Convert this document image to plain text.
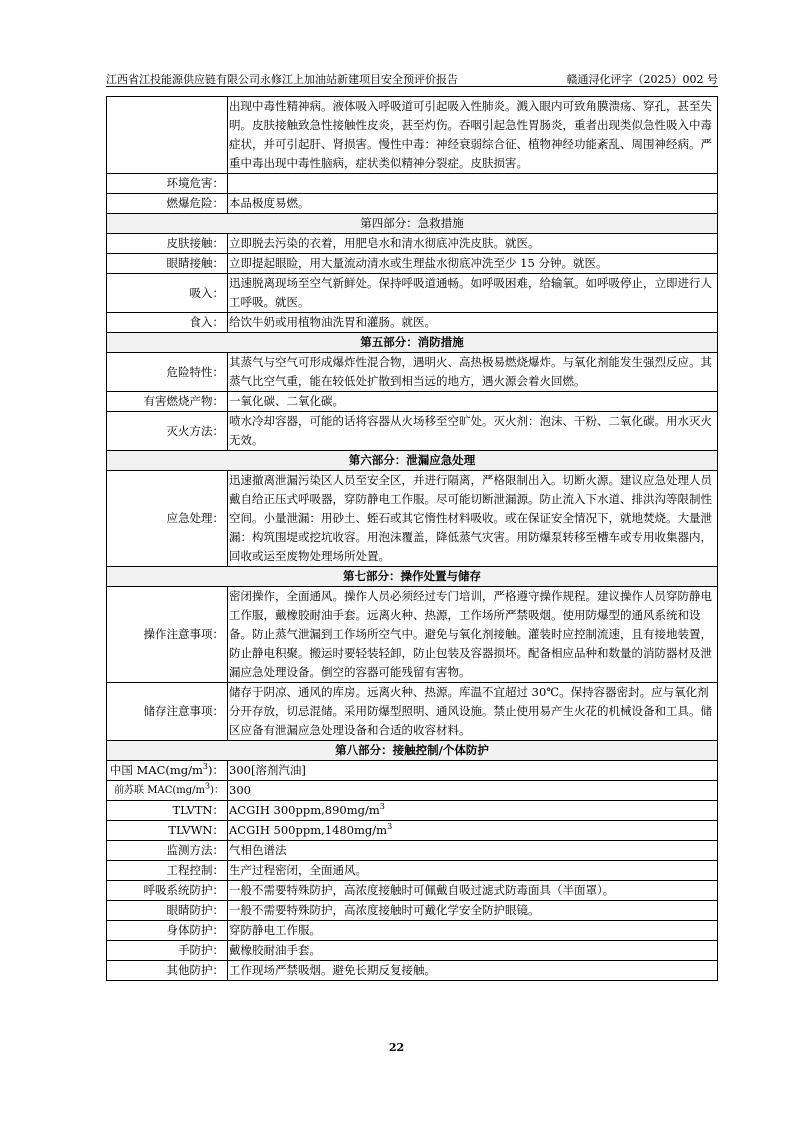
江西省江投能源供应链有限公司永修江上加油站新建项目安全预评价报告	赣通浔化评字（2025）002 号
	出现中毒性精神病。液体吸入呼吸道可引起吸入性肺炎。溅入眼内可致角膜溃疡、穿孔，甚至失明。皮肤接触致急性接触性皮炎，甚至灼伤。吞咽引起急性胃肠炎，重者出现类似急性吸入中毒症状，并可引起肝、肾损害。慢性中毒：神经衰弱综合征、植物神经功能紊乱、周围神经病。严重中毒出现中毒性脑病，症状类似精神分裂症。皮肤损害。
环境危害：	
燃爆危险：	本品极度易燃。
第四部分：急救措施	
皮肤接触：	立即脱去污染的衣着，用肥皂水和清水彻底冲洗皮肤。就医。
眼睛接触：	立即提起眼睑，用大量流动清水或生理盐水彻底冲洗至少 15 分钟。就医。
吸入：	迅速脱离现场至空气新鲜处。保持呼吸道通畅。如呼吸困难，给输氧。如呼吸停止，立即进行人工呼吸。就医。
食入：	给饮牛奶或用植物油洗胃和灌肠。就医。
第五部分：消防措施	
危险特性：	其蒸气与空气可形成爆炸性混合物，遇明火、高热极易燃烧爆炸。与氧化剂能发生强烈反应。其蒸气比空气重，能在较低处扩散到相当远的地方，遇火源会着火回燃。
有害燃烧产物：	一氧化碳、二氧化碳。
灭火方法：	喷水冷却容器，可能的话将容器从火场移至空旷处。灭火剂：泡沫、干粉、二氧化碳。用水灭火无效。
第六部分：泄漏应急处理	
应急处理：	迅速撤离泄漏污染区人员至安全区，并进行隔离，严格限制出入。切断火源。建议应急处理人员戴自给正压式呼吸器，穿防静电工作服。尽可能切断泄漏源。防止流入下水道、排洪沟等限制性空间。小量泄漏：用砂土、蛭石或其它惰性材料吸收。或在保证安全情况下，就地焚烧。大量泄漏：构筑围堤或挖坑收容。用泡沫覆盖，降低蒸气灾害。用防爆泵转移至槽车或专用收集器内，回收或运至废物处理场所处置。
第七部分：操作处置与储存	
操作注意事项：	密闭操作，全面通风。操作人员必须经过专门培训，严格遵守操作规程。建议操作人员穿防静电工作服，戴橡胶耐油手套。远离火种、热源，工作场所严禁吸烟。使用防爆型的通风系统和设备。防止蒸气泄漏到工作场所空气中。避免与氧化剂接触。灌装时应控制流速，且有接地装置，防止静电积聚。搬运时要轻装轻卸，防止包装及容器损坏。配备相应品种和数量的消防器材及泄漏应急处理设备。倒空的容器可能残留有害物。
储存注意事项：	储存于阴凉、通风的库房。远离火种、热源。库温不宜超过 30℃。保持容器密封。应与氧化剂分开存放，切忌混储。采用防爆型照明、通风设施。禁止使用易产生火花的机械设备和工具。储区应备有泄漏应急处理设备和合适的收容材料。
第八部分：接触控制/个体防护	
中国 $MAC(mg/m^3)$：	300[溶剂汽油]
前苏联 $MAC(mg/m^3)$：	300
TLVTN：	ACGIH $300ppm,890mg/m^3$
TLVWN：	ACGIH $500ppm,1480mg/m^3$
监测方法：	气相色谱法
工程控制：	生产过程密闭，全面通风。
呼吸系统防护：	一般不需要特殊防护，高浓度接触时可佩戴自吸过滤式防毒面具（半面罩）。
眼睛防护：	一般不需要特殊防护，高浓度接触时可戴化学安全防护眼镜。
身体防护：	穿防静电工作服。
手防护：	戴橡胶耐油手套。
其他防护：	工作现场严禁吸烟。避免长期反复接触。
22
